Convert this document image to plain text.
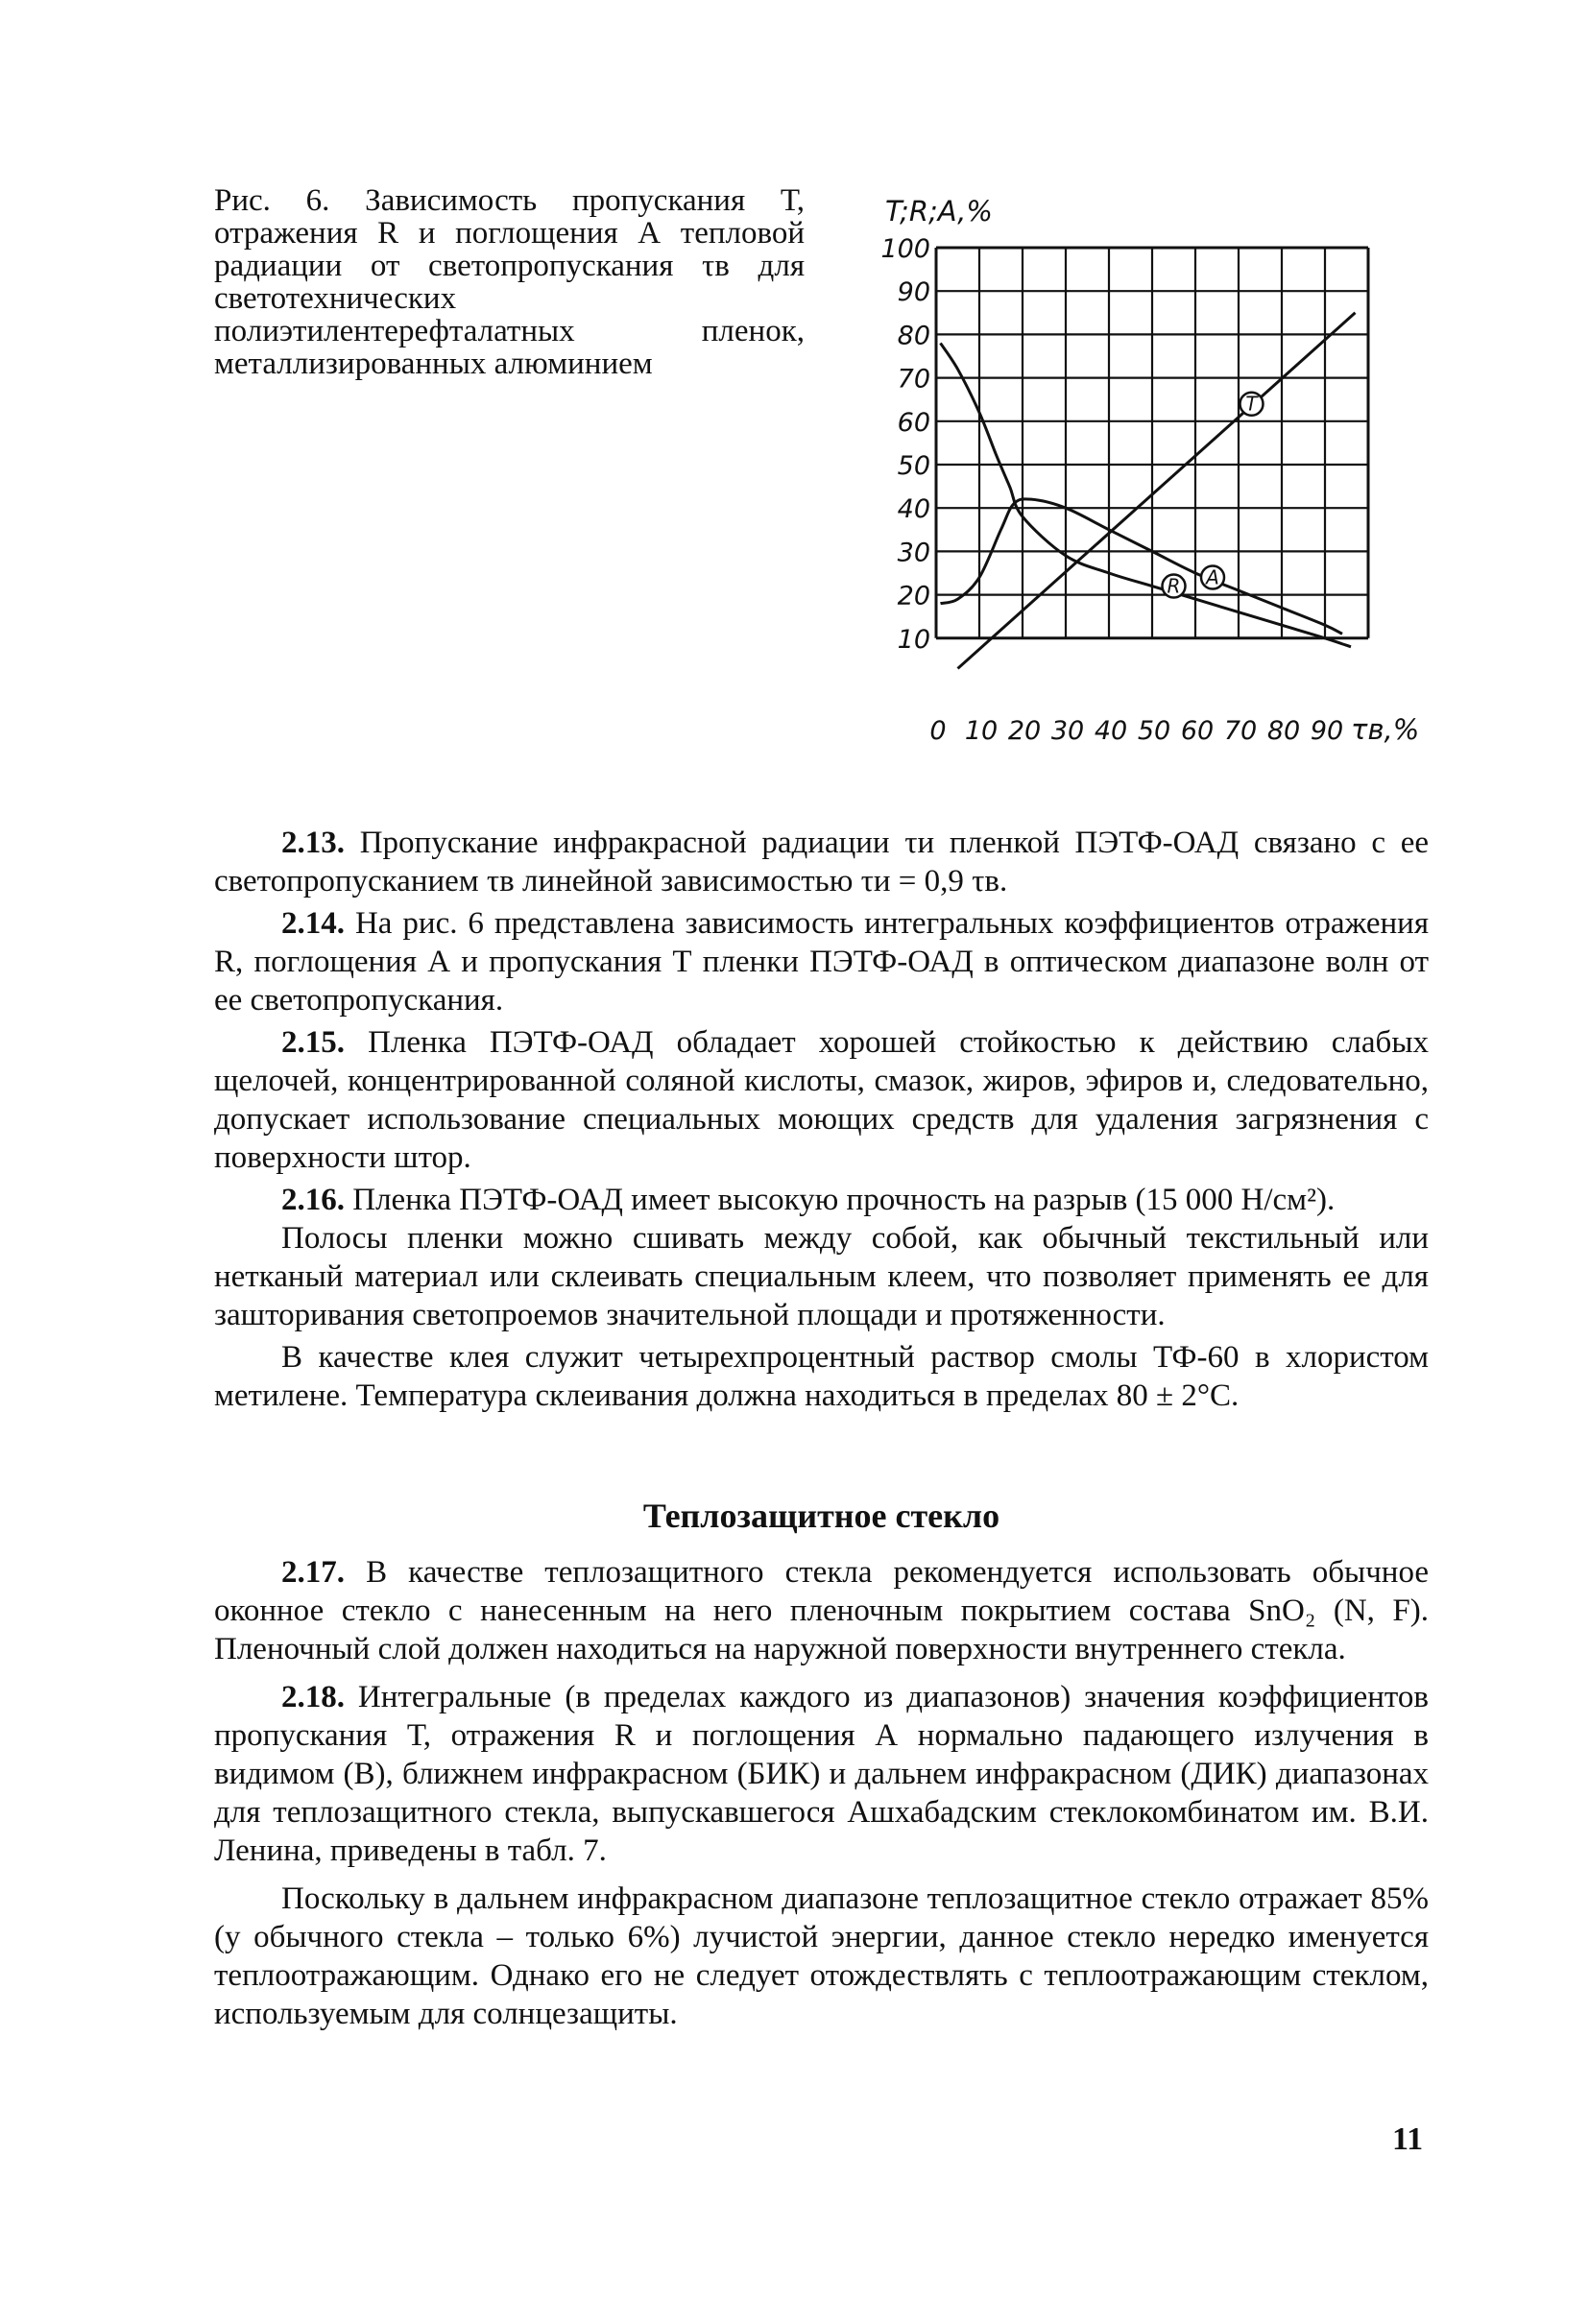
Рис. 6. Зависимость пропускания Т, отражения R и поглощения А тепловой радиации от светопропускания τв для светотехнических полиэтилентерефталатных пленок, металлизированных алюминием
T;R;A,%
100
90
80
70
60
50
40
30
20
10
0 10 20 30 40 50 60 70 80 90 τв,%
T
R A

2.13. Пропускание инфракрасной радиации τи пленкой ПЭТФ-ОАД связано с ее светопропусканием τв линейной зависимостью τи = 0,9 τв.

2.14. На рис. 6 представлена зависимость интегральных коэффициентов отражения R, поглощения А и пропускания Т пленки ПЭТФ-ОАД в оптическом диапазоне волн от ее светопропускания.

2.15. Пленка ПЭТФ-ОАД обладает хорошей стойкостью к действию слабых щелочей, концентрированной соляной кислоты, смазок, жиров, эфиров и, следовательно, допускает использование специальных моющих средств для удаления загрязнения с поверхности штор.

2.16. Пленка ПЭТФ-ОАД имеет высокую прочность на разрыв (15 000 Н/см²).

Полосы пленки можно сшивать между собой, как обычный текстильный или нетканый материал или склеивать специальным клеем, что позволяет применять ее для зашторивания светопроемов значительной площади и протяженности.

В качестве клея служит четырехпроцентный раствор смолы ТФ-60 в хлористом метилене. Температура склеивания должна находиться в пределах 80 ± 2°С.

Теплозащитное стекло

2.17. В качестве теплозащитного стекла рекомендуется использовать обычное оконное стекло с нанесенным на него пленочным покрытием состава SnO₂ (N, F). Пленочный слой должен находиться на наружной поверхности внутреннего стекла.

2.18. Интегральные (в пределах каждого из диапазонов) значения коэффициентов пропускания Т, отражения R и поглощения А нормально падающего излучения в видимом (В), ближнем инфракрасном (БИК) и дальнем инфракрасном (ДИК) диапазонах для теплозащитного стекла, выпускавшегося Ашхабадским стеклокомбинатом им. В.И. Ленина, приведены в табл. 7.

Поскольку в дальнем инфракрасном диапазоне теплозащитное стекло отражает 85% (у обычного стекла – только 6%) лучистой энергии, данное стекло нередко именуется теплоотражающим. Однако его не следует отождествлять с теплоотражающим стеклом, используемым для солнцезащиты.

11
